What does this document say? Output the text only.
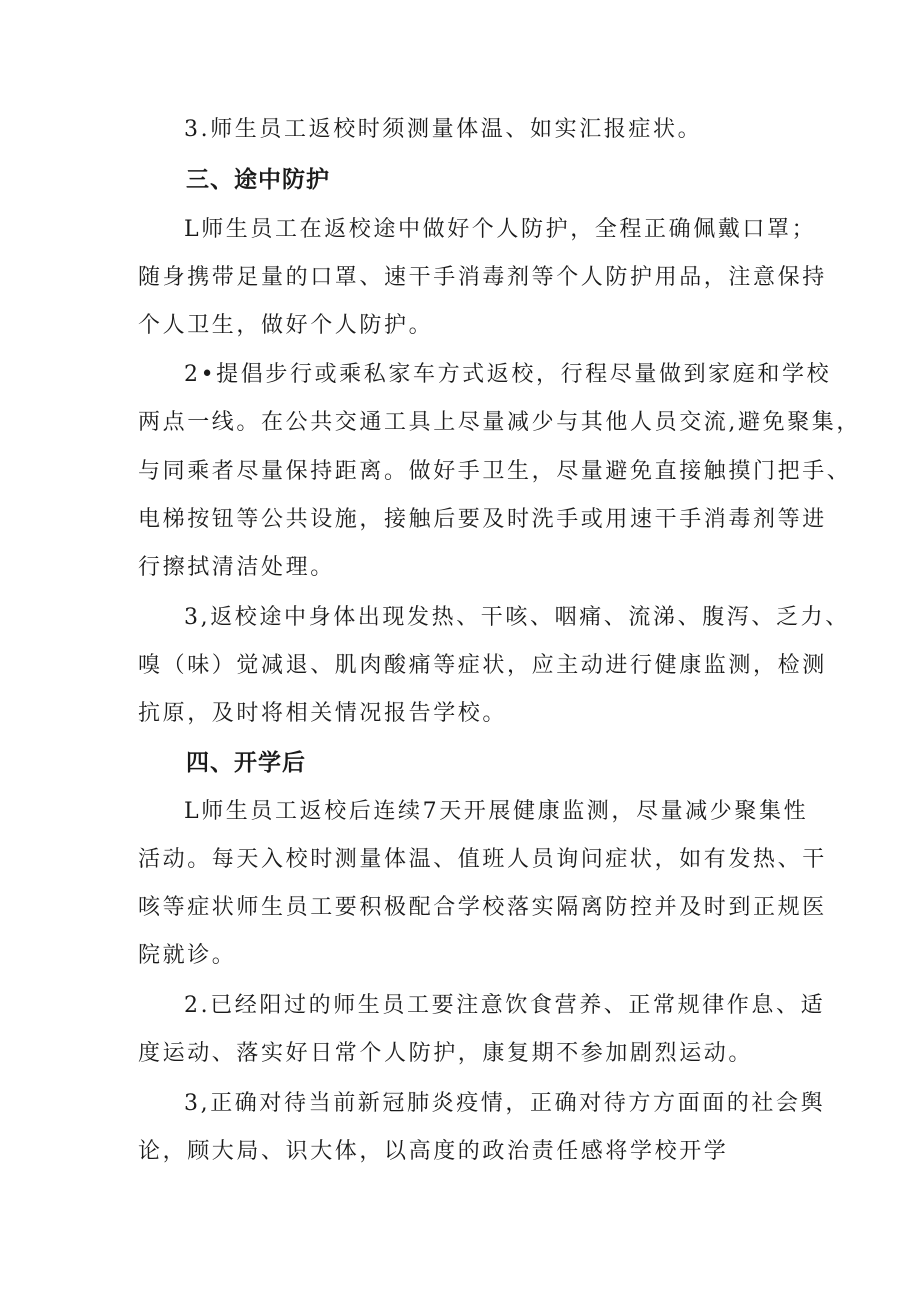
3.师生员工返校时须测量体温、如实汇报症状。
三、途中防护
L师生员工在返校途中做好个人防护，全程正确佩戴口罩；
随身携带足量的口罩、速干手消毒剂等个人防护用品，注意保持
个人卫生，做好个人防护。
2•提倡步行或乘私家车方式返校，行程尽量做到家庭和学校
两点一线。在公共交通工具上尽量减少与其他人员交流,避免聚集，
与同乘者尽量保持距离。做好手卫生，尽量避免直接触摸门把手、
电梯按钮等公共设施，接触后要及时洗手或用速干手消毒剂等进
行擦拭清洁处理。
3,返校途中身体出现发热、干咳、咽痛、流涕、腹泻、乏力、
嗅（味）觉减退、肌肉酸痛等症状，应主动进行健康监测，检测
抗原，及时将相关情况报告学校。
四、开学后
L师生员工返校后连续7天开展健康监测，尽量减少聚集性
活动。每天入校时测量体温、值班人员询问症状，如有发热、干
咳等症状师生员工要积极配合学校落实隔离防控并及时到正规医
院就诊。
2.已经阳过的师生员工要注意饮食营养、正常规律作息、适
度运动、落实好日常个人防护，康复期不参加剧烈运动。
3,正确对待当前新冠肺炎疫情，正确对待方方面面的社会舆
论，顾大局、识大体，以高度的政治责任感将学校开学
